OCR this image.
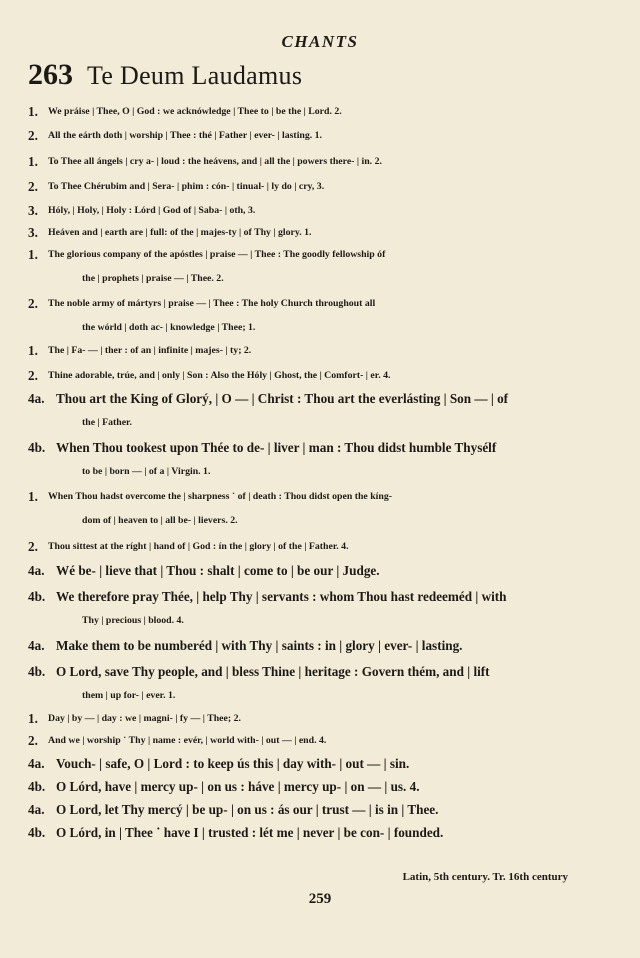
CHANTS
263 Te Deum Laudamus
1.	We práise | Thee, O | God : we acknówledge | Thee to | be the | Lord. 2.
2.	All the eárth doth | worship | Thee : thé | Father | ever- | lasting. 1.
1.	To Thee all ángels | cry a- | loud : the heávens, and | all the | powers there- | in. 2.
2.	To Thee Chérubim and | Sera- | phim : cón- | tinual- | ly do | cry, 3.
3.	Hóly, | Holy, | Holy : Lórd | God of | Saba- | oth, 3.
3.	Heáven and | earth are | full: of the | majes-ty | of Thy | glory. 1.
1.	The glorious company of the apóstles | praise — | Thee : The goodly fellowship óf
the | prophets | praise — | Thee. 2.
2.	The noble army of mártyrs | praise — | Thee : The holy Church throughout all
the wórld | doth ac- | knowledge | Thee; 1.
1.	The | Fa- — | ther : of an | infinite | majes- | ty; 2.
2.	Thine adorable, trúe, and | only | Son : Also the Hóly | Ghost, the | Comfort- | er. 4.
4a. Thou art the King of Glorý, | O — | Christ : Thou art the everlásting | Son — | of
the | Father.
4b. When Thou tookest upon Thée to de- | liver | man : Thou didst humble Thysélf
to be | born — | of a | Virgin. 1.
1.	When Thou hadst overcome the | sharpness ˙ of | death : Thou didst open the kíng-
dom of | heaven to | all be- | lievers. 2.
2.	Thou sittest at the ríght | hand of | God : ín the | glory | of the | Father. 4.
4a. Wé be- | lieve that | Thou : shalt | come to | be our | Judge.
4b. We therefore pray Thée, | help Thy | servants : whom Thou hast redeeméd | with
Thy | precious | blood. 4.
4a. Make them to be numberéd | with Thy | saints : in | glory | ever- | lasting.
4b. O Lord, save Thy people, and | bless Thine | heritage : Govern thém, and | lift
them | up for- | ever. 1.
1.	Day | by — | day : we | magni- | fy — | Thee; 2.
2.	And we | worship ˙ Thy | name : evér, | world with- | out — | end. 4.
4a. Vouch- | safe, O | Lord : to keep ús this | day with- | out — | sin.
4b. O Lórd, have | mercy up- | on us : háve | mercy up- | on — | us. 4.
4a. O Lord, let Thy mercý | be up- | on us : ás our | trust — | is in | Thee.
4b. O Lórd, in | Thee ˙ have I | trusted : lét me | never | be con- | founded.
Latin, 5th century. Tr. 16th century
259
